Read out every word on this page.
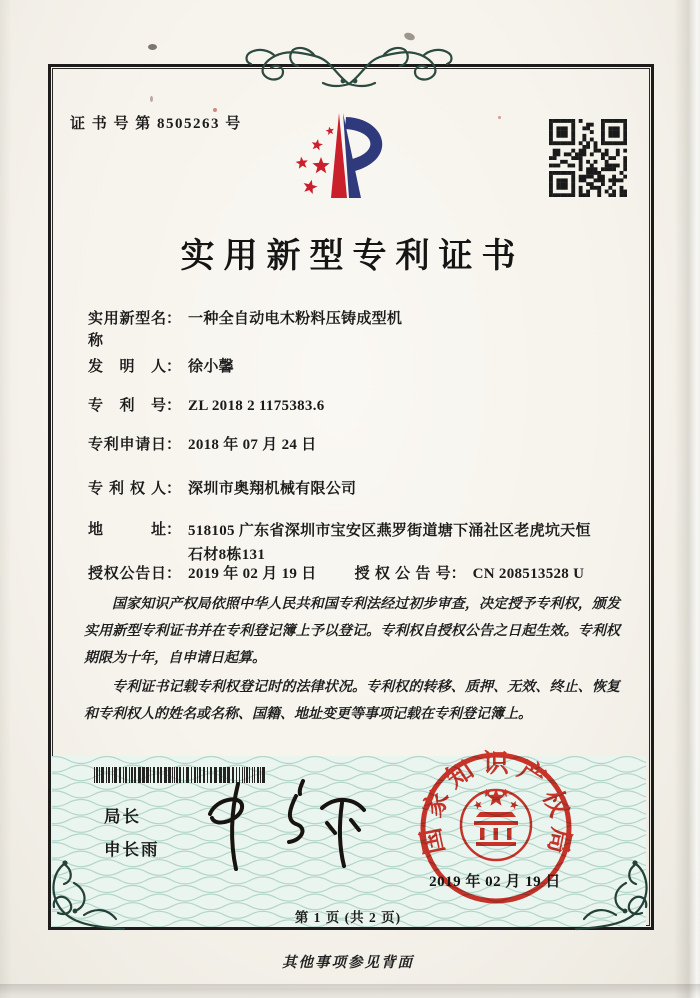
证 书 号 第 8505263 号
实用新型专利证书
实用新型名称
： 一种全自动电木粉料压铸成型机
发 明 人 ： 徐小馨
专 利 号 ： ZL 2018 2 1175383.6
专利申请日 ： 2018 年 07 月 24 日
专 利 权 人 ： 深圳市奥翔机械有限公司
地 址 ： 518105 广东省深圳市宝安区燕罗街道塘下涌社区老虎坑天恒石材8栋131
授权公告日 ： 2019 年 02 月 19 日	授 权 公 告 号 ： CN 208513528 U

国家知识产权局依照中华人民共和国专利法经过初步审查，决定授予专利权，颁发实用新型专利证书并在专利登记簿上予以登记。专利权自授权公告之日起生效。专利权期限为十年，自申请日起算。

专利证书记载专利权登记时的法律状况。专利权的转移、质押、无效、终止、恢复和专利权人的姓名或名称、国籍、地址变更等事项记载在专利登记簿上。

局长
申长雨	国家知识产权局
2019 年 02 月 19 日
第 1 页 (共 2 页)
其他事项参见背面
